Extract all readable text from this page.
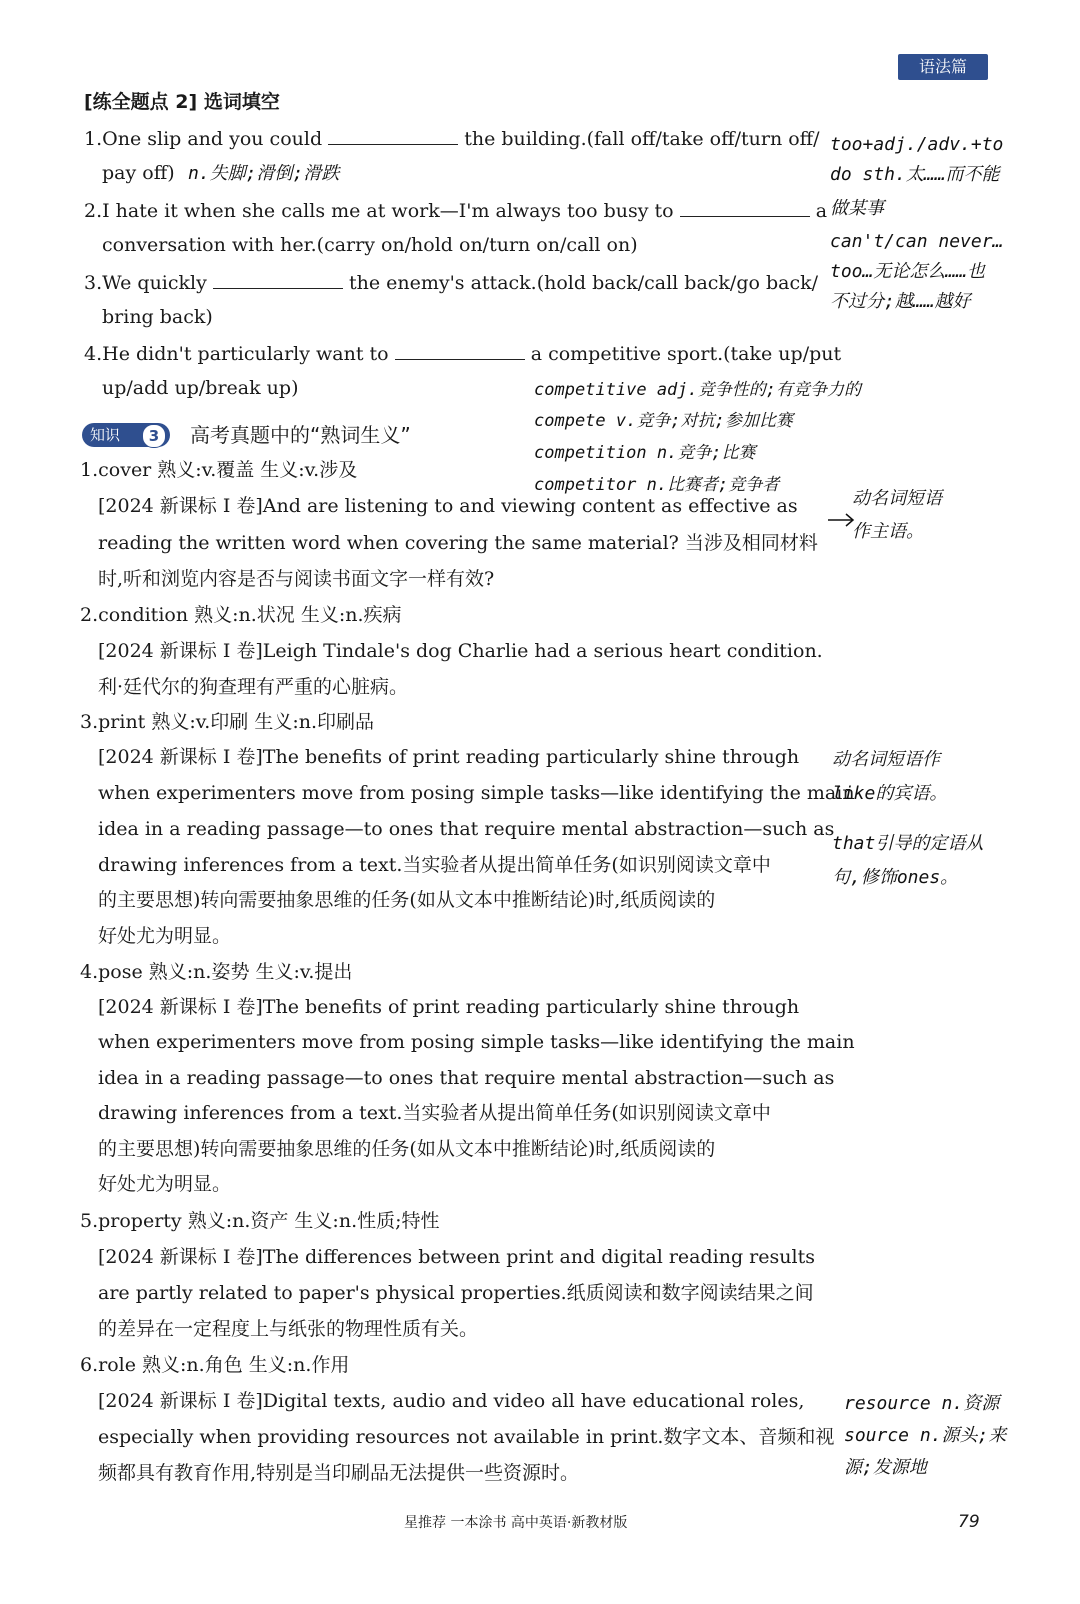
语法篇
[练全题点 2] 选词填空
1.One slip and you could	the building.(fall off/take off/turn off/
pay off)
2.I hate it when she calls me at work—I'm always too busy to	a
conversation with her.(carry on/hold on/turn on/call on)
3.We quickly	the enemy's attack.(hold back/call back/go back/
bring back)
4.He didn't particularly want to	a competitive sport.(take up/put
up/add up/break up)
知识	3	高考真题中的“熟词生义”
1.cover 熟义:v.覆盖 生义:v.涉及
[2024 新课标 Ⅰ 卷]And are listening to and viewing content as effective as
reading the written word when covering the same material? 当涉及相同材料
时,听和浏览内容是否与阅读书面文字一样有效?
2.condition 熟义:n.状况 生义:n.疾病
[2024 新课标 Ⅰ 卷]Leigh Tindale's dog Charlie had a serious heart condition.
利·廷代尔的狗查理有严重的心脏病。
3.print 熟义:v.印刷 生义:n.印刷品
[2024 新课标 Ⅰ 卷]The benefits of print reading particularly shine through
when experimenters move from posing simple tasks—like identifying the main
idea in a reading passage—to ones that require mental abstraction—such as
drawing inferences from a text.当实验者从提出简单任务(如识别阅读文章中
的主要思想)转向需要抽象思维的任务(如从文本中推断结论)时,纸质阅读的
好处尤为明显。
4.pose 熟义:n.姿势 生义:v.提出
[2024 新课标 Ⅰ 卷]The benefits of print reading particularly shine through
when experimenters move from posing simple tasks—like identifying the main
idea in a reading passage—to ones that require mental abstraction—such as
drawing inferences from a text.当实验者从提出简单任务(如识别阅读文章中
的主要思想)转向需要抽象思维的任务(如从文本中推断结论)时,纸质阅读的
好处尤为明显。
5.property 熟义:n.资产 生义:n.性质;特性
[2024 新课标 Ⅰ 卷]The differences between print and digital reading results
are partly related to paper's physical properties.纸质阅读和数字阅读结果之间
的差异在一定程度上与纸张的物理性质有关。
6.role 熟义:n.角色 生义:n.作用
[2024 新课标 Ⅰ 卷]Digital texts, audio and video all have educational roles,
especially when providing resources not available in print.数字文本、音频和视
频都具有教育作用,特别是当印刷品无法提供一些资源时。
n.失脚;滑倒;滑跌
too+adj./adv.+to
do sth.太……而不能
做某事
can't/can never…
too…无论怎么……也
不过分;越……越好
competitive adj.竞争性的;有竞争力的
compete v.竞争;对抗;参加比赛
competition n.竞争;比赛
competitor n.比赛者;竞争者
动名词短语
作主语。
动名词短语作
like的宾语。
that引导的定语从
句,修饰ones。
resource n.资源
source n.源头;来
源;发源地
星推荐 一本涂书 高中英语·新教材版	79
